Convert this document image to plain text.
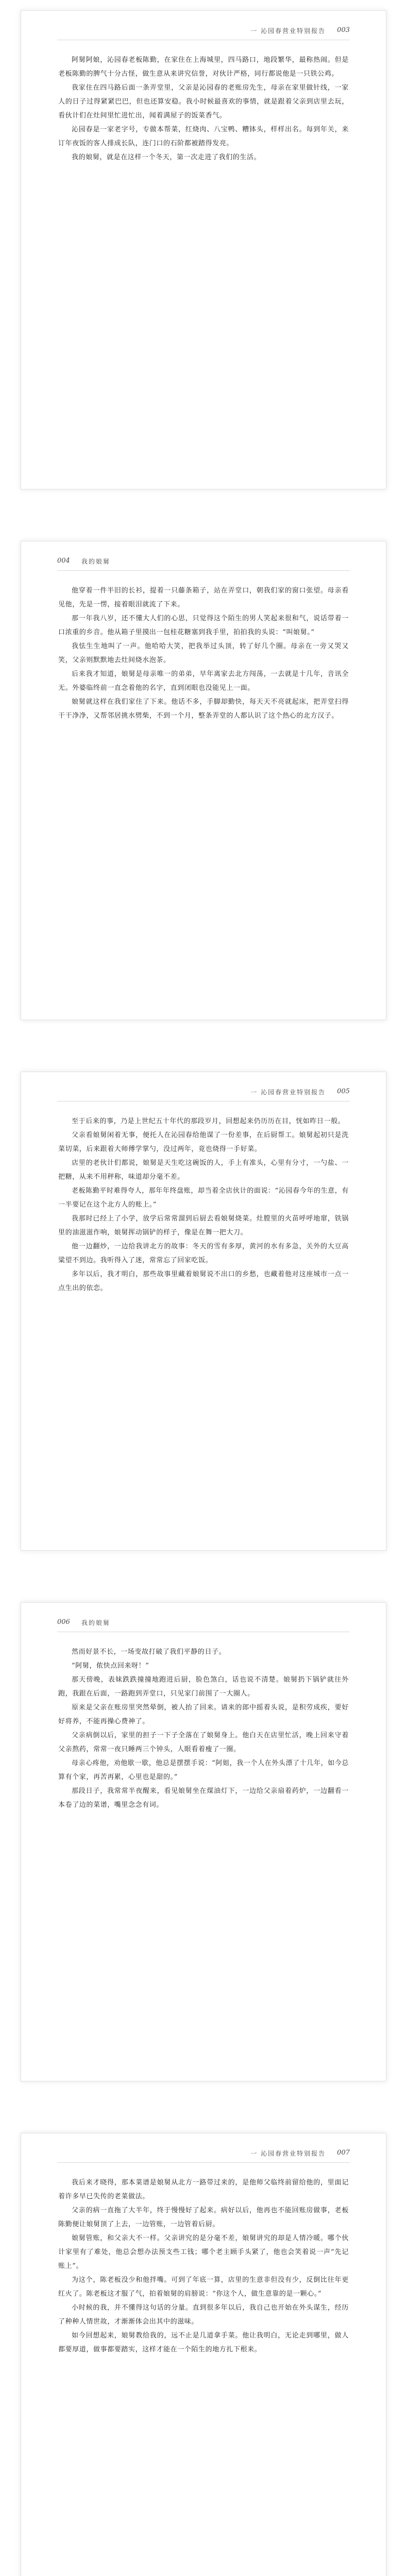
一 沁园春营业特别报告 003

阿舅阿娘，沁园春老板陈勤，在家住在上海城里，四马路口，地段繁华，最称热闹。但是老板陈勤的脾气十分古怪，做生意从来讲究信誉，对伙计严格，同行都说他是一只铁公鸡。

我家住在四马路后面一条弄堂里，父亲是沁园春的老账房先生，母亲在家里做针线，一家人的日子过得紧紧巴巴，但也还算安稳。我小时候最喜欢的事情，就是跟着父亲到店里去玩，看伙计们在灶间里忙进忙出，闻着满屋子的饭菜香气。

沁园春是一家老字号，专做本帮菜，红烧肉、八宝鸭、糟钵头，样样出名。每到年关，来订年夜饭的客人排成长队，连门口的石阶都被踏得发亮。

我的娘舅，就是在这样一个冬天，第一次走进了我们的生活。

004 我的娘舅

他穿着一件半旧的长衫，提着一只藤条箱子，站在弄堂口，朝我们家的窗口张望。母亲看见他，先是一愣，接着眼泪就流了下来。

那一年我八岁，还不懂大人们的心思，只觉得这个陌生的男人笑起来很和气，说话带着一口浓重的乡音。他从箱子里摸出一包桂花糖塞到我手里，拍拍我的头说：“叫娘舅。”

我怯生生地叫了一声。他哈哈大笑，把我举过头顶，转了好几个圈。母亲在一旁又哭又笑，父亲则默默地去灶间烧水泡茶。

后来我才知道，娘舅是母亲唯一的弟弟，早年离家去北方闯荡，一去就是十几年，音讯全无。外婆临终前一直念着他的名字，直到闭眼也没能见上一面。

娘舅就这样在我们家住了下来。他话不多，手脚却勤快，每天天不亮就起床，把弄堂扫得干干净净，又帮邻居挑水劈柴，不到一个月，整条弄堂的人都认识了这个热心的北方汉子。

一 沁园春营业特别报告 005

至于后来的事，乃是上世纪五十年代的那段岁月，回想起来仍历历在目，恍如昨日一般。

父亲看娘舅闲着无事，便托人在沁园春给他谋了一份差事，在后厨帮工。娘舅起初只是洗菜切菜，后来跟着大师傅学掌勺，没过两年，竟也烧得一手好菜。

店里的老伙计们都说，娘舅是天生吃这碗饭的人，手上有准头，心里有分寸，一勺盐、一把糖，从来不用秤称，味道却分毫不差。

老板陈勤平时难得夸人，那年年终盘账，却当着全店伙计的面说：“沁园春今年的生意，有一半要记在这个北方人的账上。”

我那时已经上了小学，放学后常常溜到后厨去看娘舅烧菜。灶膛里的火苗呼呼地窜，铁锅里的油滋滋作响，娘舅挥动锅铲的样子，像是在舞一把大刀。

他一边翻炒，一边给我讲北方的故事：冬天的雪有多厚，黄河的水有多急，关外的大豆高粱望不到边。我听得入了迷，常常忘了回家吃饭。

多年以后，我才明白，那些故事里藏着娘舅说不出口的乡愁，也藏着他对这座城市一点一点生出的依恋。

006 我的娘舅

然而好景不长，一场变故打破了我们平静的日子。

“阿舅，侬快点回来呀！”

那天傍晚，表妹跌跌撞撞地跑进后厨，脸色煞白，话也说不清楚。娘舅扔下锅铲就往外跑，我跟在后面，一路跑到弄堂口，只见家门前围了一大圈人。

原来是父亲在账房里突然晕倒，被人抬了回来。请来的郎中摇着头说，是积劳成疾，要好好将养，不能再操心费神了。

父亲病倒以后，家里的担子一下子全落在了娘舅身上。他白天在店里忙活，晚上回来守着父亲熬药，常常一夜只睡两三个钟头，人眼看着瘦了一圈。

母亲心疼他，劝他歇一歇，他总是摆摆手说：“阿姐，我一个人在外头漂了十几年，如今总算有个家，再苦再累，心里也是甜的。”

那段日子，我常常半夜醒来，看见娘舅坐在煤油灯下，一边给父亲扇着药炉，一边翻看一本卷了边的菜谱，嘴里念念有词。

一 沁园春营业特别报告 007

我后来才晓得，那本菜谱是娘舅从北方一路带过来的，是他师父临终前留给他的，里面记着许多早已失传的老菜做法。

父亲的病一直拖了大半年，终于慢慢好了起来。病好以后，他再也不能回账房做事，老板陈勤便让娘舅顶了上去，一边管账，一边管着后厨。

娘舅管账，和父亲大不一样。父亲讲究的是分毫不差，娘舅讲究的却是人情冷暖。哪个伙计家里有了难处，他总会想办法预支些工钱；哪个老主顾手头紧了，他也会笑着说一声“先记账上”。

为这个，陈老板没少和他拌嘴。可到了年底一算，店里的生意非但没有少，反倒比往年更红火了。陈老板这才服了气，拍着娘舅的肩膀说：“你这个人，做生意靠的是一颗心。”

小时候的我，并不懂得这句话的分量。直到很多年以后，我自己也开始在外头谋生，经历了种种人情世故，才渐渐体会出其中的滋味。

如今回想起来，娘舅教给我的，远不止是几道拿手菜。他让我明白，无论走到哪里，做人都要厚道，做事都要踏实，这样才能在一个陌生的地方扎下根来。
